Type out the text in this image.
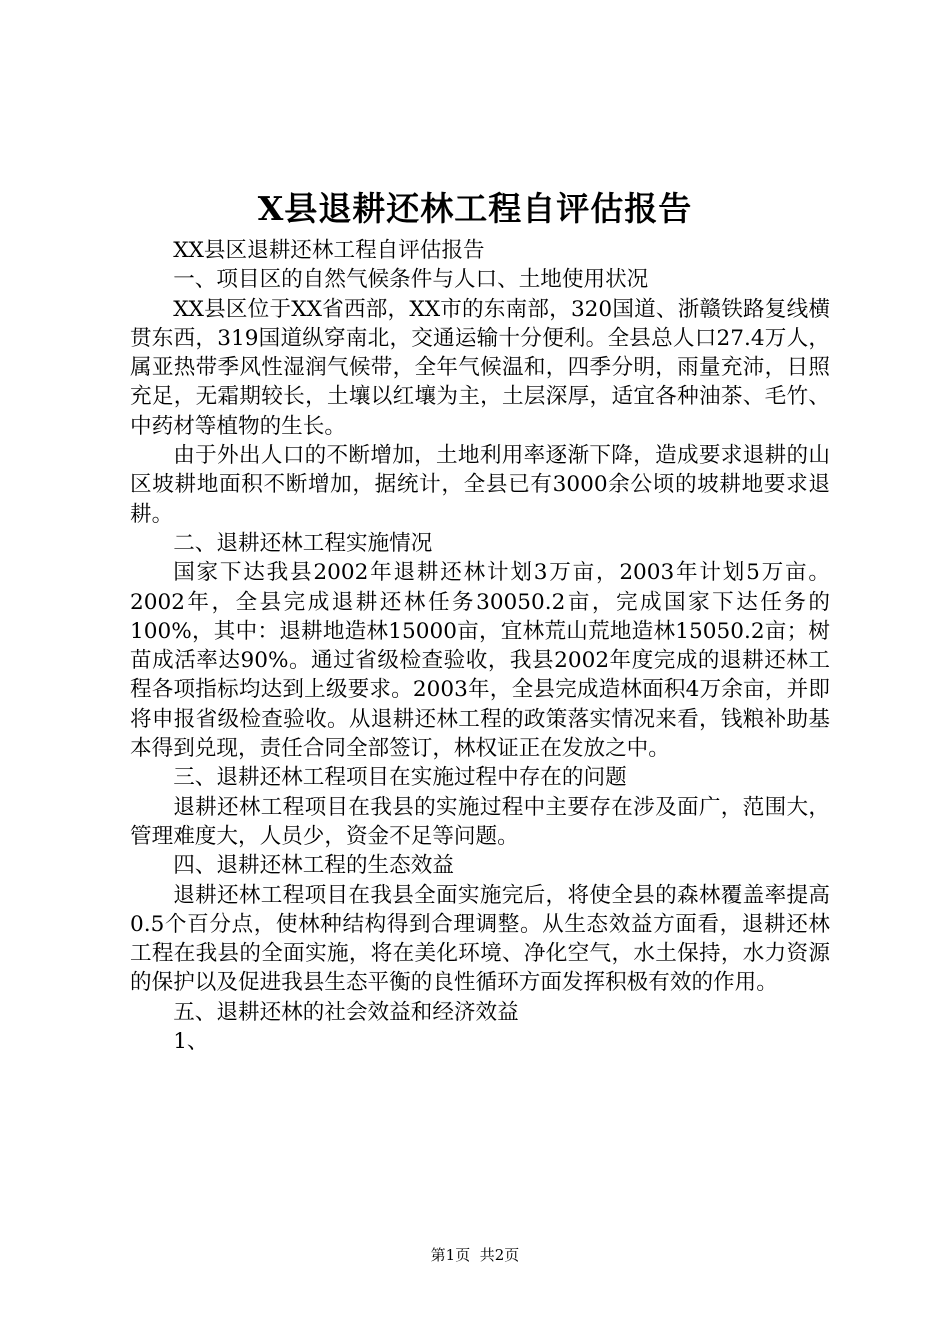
X县退耕还林工程自评估报告

XX县区退耕还林工程自评估报告

一、项目区的自然气候条件与人口、土地使用状况

XX县区位于XX省西部，XX市的东南部，320国道、浙赣铁路复线横贯东西，319国道纵穿南北，交通运输十分便利。全县总人口27.4万人，属亚热带季风性湿润气候带，全年气候温和，四季分明，雨量充沛，日照充足，无霜期较长，土壤以红壤为主，土层深厚，适宜各种油茶、毛竹、中药材等植物的生长。

由于外出人口的不断增加，土地利用率逐渐下降，造成要求退耕的山区坡耕地面积不断增加，据统计，全县已有3000余公顷的坡耕地要求退耕。

二、退耕还林工程实施情况

国家下达我县2002年退耕还林计划3万亩，2003年计划5万亩。2002年，全县完成退耕还林任务30050.2亩，完成国家下达任务的100%，其中：退耕地造林15000亩，宜林荒山荒地造林15050.2亩；树苗成活率达90%。通过省级检查验收，我县2002年度完成的退耕还林工程各项指标均达到上级要求。2003年，全县完成造林面积4万余亩，并即将申报省级检查验收。从退耕还林工程的政策落实情况来看，钱粮补助基本得到兑现，责任合同全部签订，林权证正在发放之中。

三、退耕还林工程项目在实施过程中存在的问题

退耕还林工程项目在我县的实施过程中主要存在涉及面广，范围大，管理难度大，人员少，资金不足等问题。

四、退耕还林工程的生态效益

退耕还林工程项目在我县全面实施完后，将使全县的森林覆盖率提高0.5个百分点，使林种结构得到合理调整。从生态效益方面看，退耕还林工程在我县的全面实施，将在美化环境、净化空气，水土保持，水力资源的保护以及促进我县生态平衡的良性循环方面发挥积极有效的作用。

五、退耕还林的社会效益和经济效益

1、

第1页 共2页
